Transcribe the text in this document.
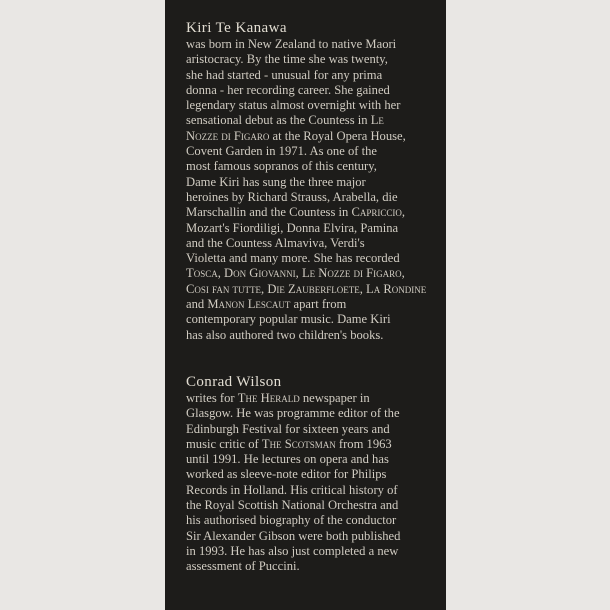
Kiri Te Kanawa
was born in New Zealand to native Maori
aristocracy. By the time she was twenty,
she had started - unusual for any prima
donna - her recording career. She gained
legendary status almost overnight with her
sensational debut as the Countess in Le
Nozze di Figaro at the Royal Opera House,
Covent Garden in 1971. As one of the
most famous sopranos of this century,
Dame Kiri has sung the three major
heroines by Richard Strauss, Arabella, die
Marschallin and the Countess in Capriccio,
Mozart's Fiordiligi, Donna Elvira, Pamina
and the Countess Almaviva, Verdi's
Violetta and many more. She has recorded
Tosca, Don Giovanni, Le Nozze di Figaro,
Cosi fan tutte, Die Zauberfloete, La Rondine
and Manon Lescaut apart from
contemporary popular music. Dame Kiri
has also authored two children's books.
Conrad Wilson
writes for The Herald newspaper in
Glasgow. He was programme editor of the
Edinburgh Festival for sixteen years and
music critic of The Scotsman from 1963
until 1991. He lectures on opera and has
worked as sleeve-note editor for Philips
Records in Holland. His critical history of
the Royal Scottish National Orchestra and
his authorised biography of the conductor
Sir Alexander Gibson were both published
in 1993. He has also just completed a new
assessment of Puccini.
